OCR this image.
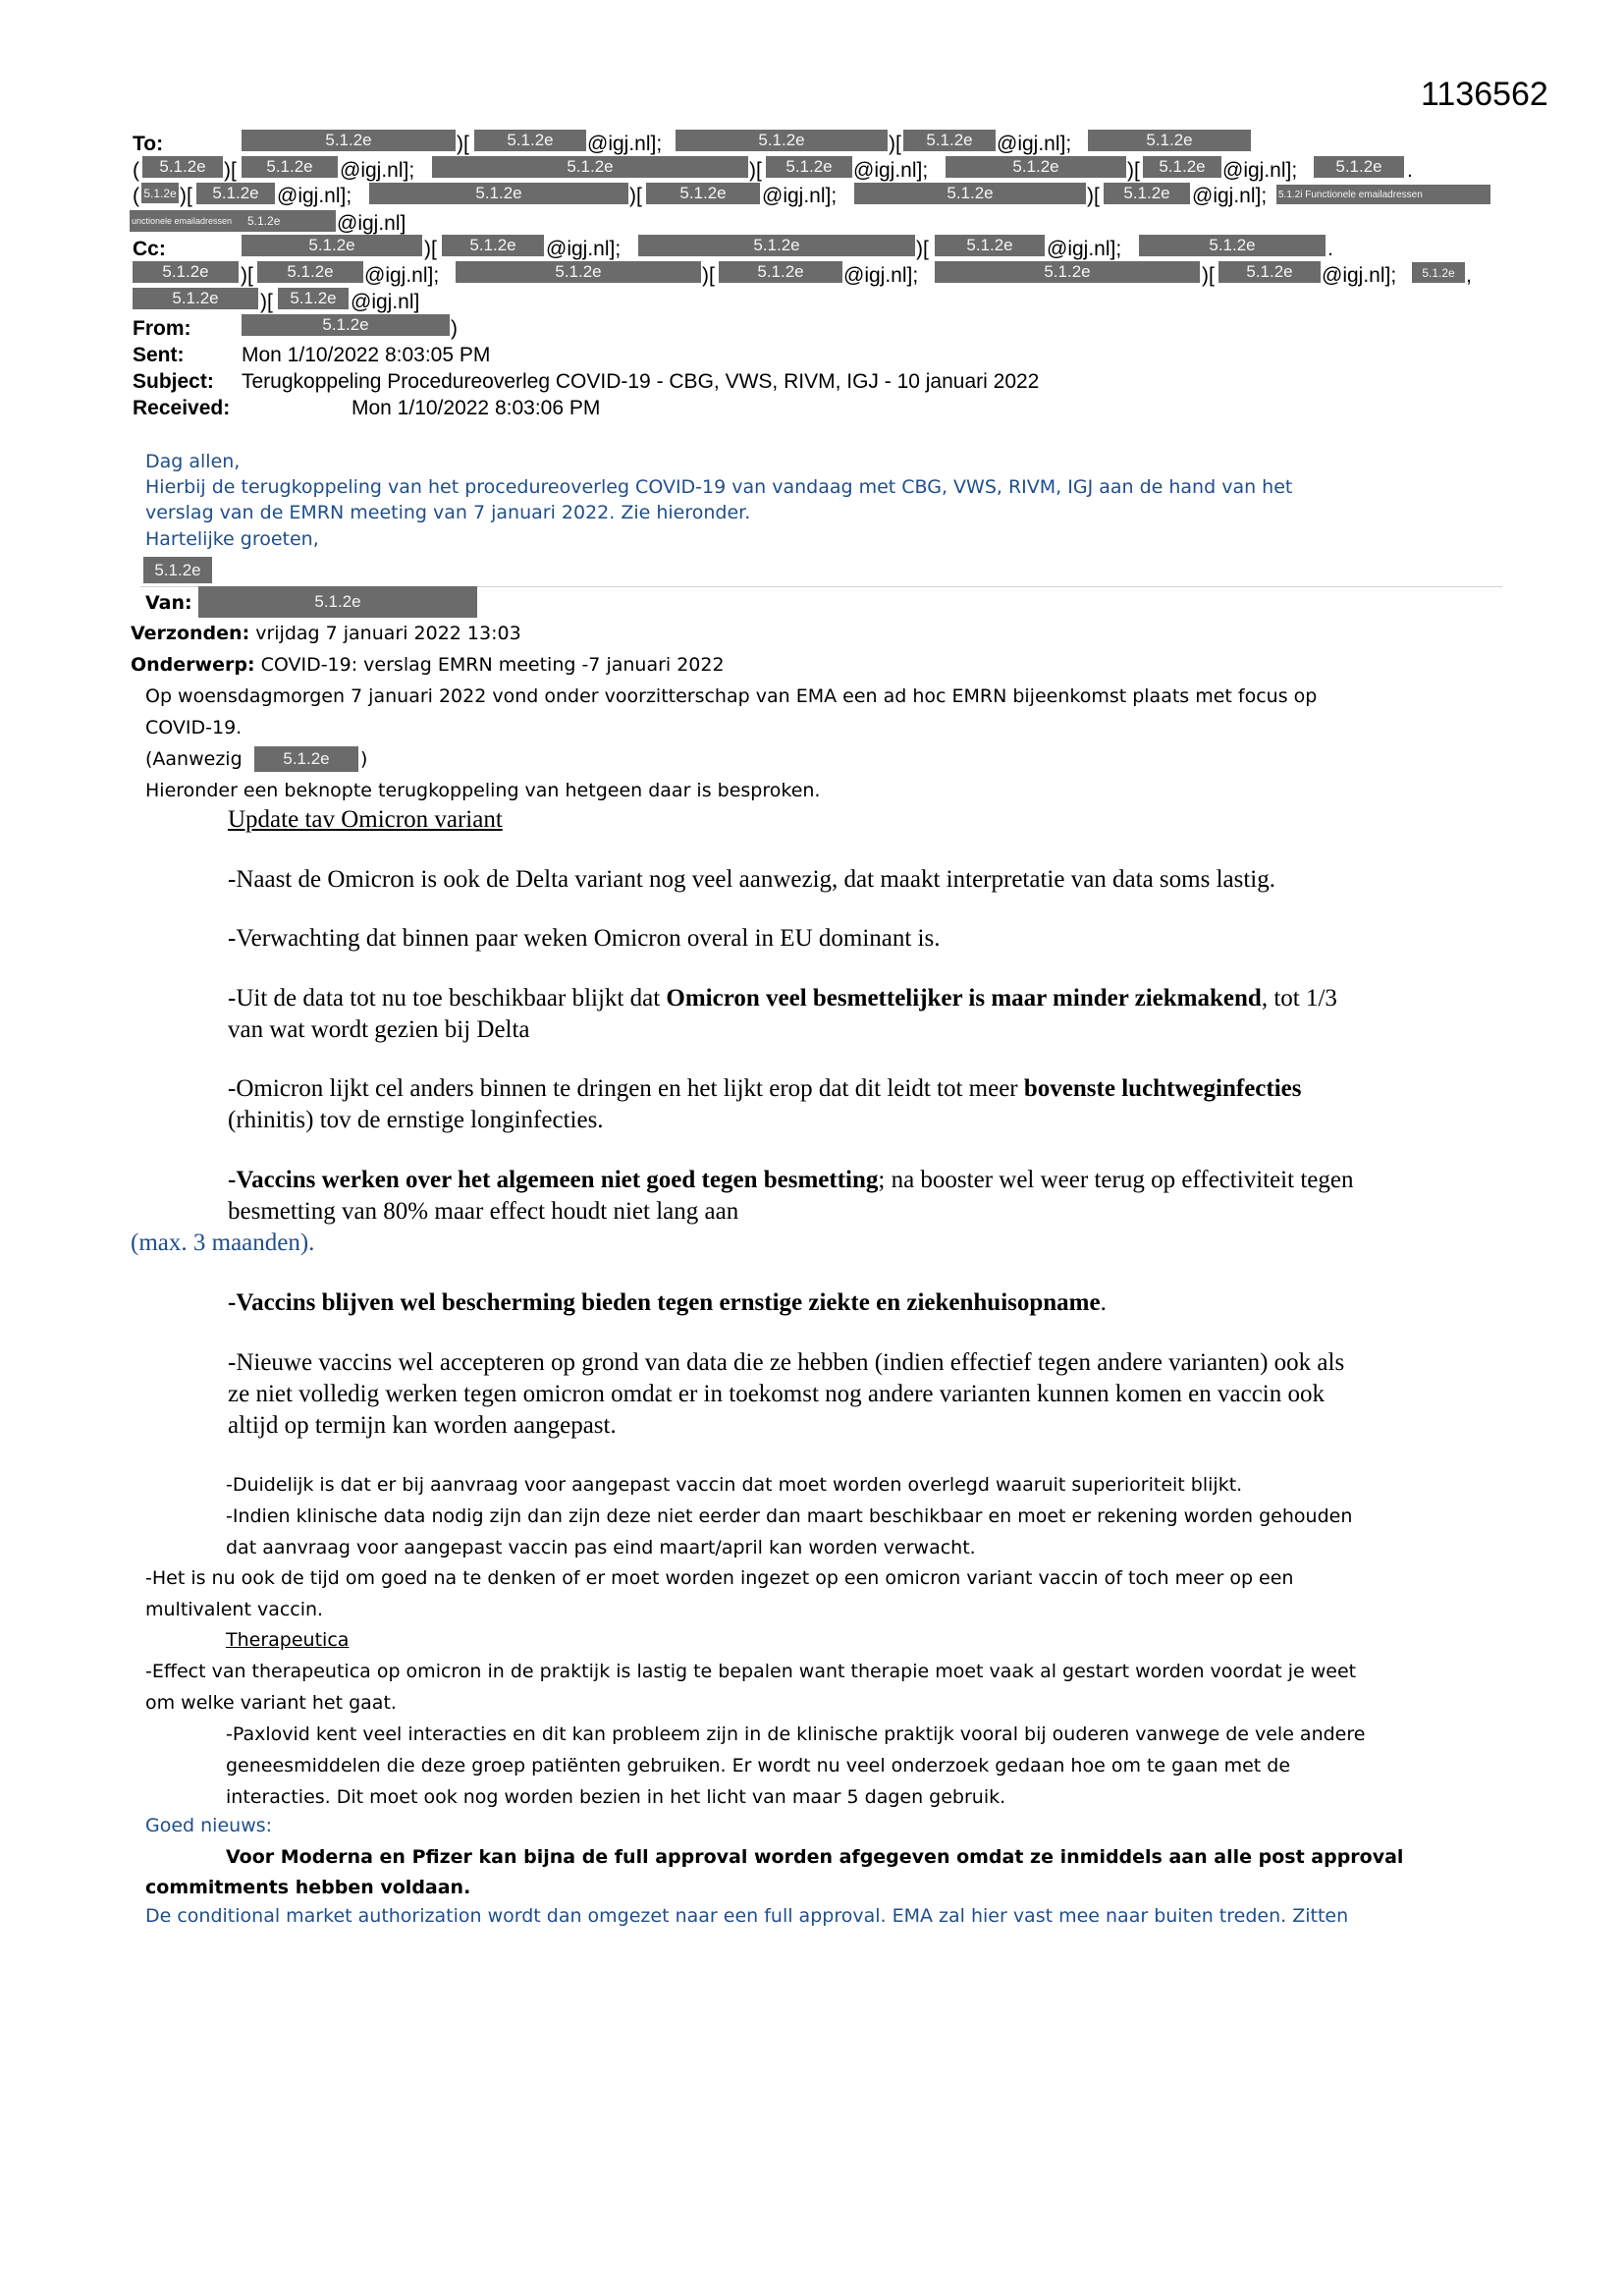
1136562
To:	5.1.2e	)[	5.1.2e	@igj.nl];	5.1.2e	)[	5.1.2e	@igj.nl];	5.1.2e
(	5.1.2e )[	5.1.2e	@igj.nl];	5.1.2e	)[	5.1.2e	@igj.nl];	5.1.2e	)[	5.1.2e @igj.nl];	5.1.2e	.
( 5.1.2e )[	5.1.2e @igj.nl];	5.1.2e	)[	5.1.2e	@igj.nl];	5.1.2e	)[	5.1.2e	@igj.nl]; 5.1.2i Functionele emailadressen
unctionele emailadressen	5.1.2e	@igj.nl]
Cc:	5.1.2e	)[	5.1.2e	@igj.nl];	5.1.2e	)[	5.1.2e	@igj.nl];	5.1.2e	.
5.1.2e	)[	5.1.2e	@igj.nl];	5.1.2e	)[	5.1.2e	@igj.nl];	5.1.2e	)[	5.1.2e	@igj.nl];	5.1.2e ,
5.1.2e	)[	5.1.2e @igj.nl]
From:	5.1.2e	)
Sent:	Mon 1/10/2022 8:03:05 PM
Subject: Terugkoppeling Procedureoverleg COVID-19 - CBG, VWS, RIVM, IGJ - 10 januari 2022
Received:	Mon 1/10/2022 8:03:06 PM
Dag allen,
Hierbij de terugkoppeling van het procedureoverleg COVID-19 van vandaag met CBG, VWS, RIVM, IGJ aan de hand van het
verslag van de EMRN meeting van 7 januari 2022. Zie hieronder.
Hartelijke groeten,
5.1.2e
Van:	5.1.2e
Verzonden: vrijdag 7 januari 2022 13:03
Onderwerp: COVID-19: verslag EMRN meeting -7 januari 2022
Op woensdagmorgen 7 januari 2022 vond onder voorzitterschap van EMA een ad hoc EMRN bijeenkomst plaats met focus op
COVID-19.
(Aanwezig	5.1.2e	)
Hieronder een beknopte terugkoppeling van hetgeen daar is besproken.
Update tav Omicron variant
-Naast de Omicron is ook de Delta variant nog veel aanwezig, dat maakt interpretatie van data soms lastig.
-Verwachting dat binnen paar weken Omicron overal in EU dominant is.
-Uit de data tot nu toe beschikbaar blijkt dat Omicron veel besmettelijker is maar minder ziekmakend, tot 1/3
van wat wordt gezien bij Delta
-Omicron lijkt cel anders binnen te dringen en het lijkt erop dat dit leidt tot meer bovenste luchtweginfecties
(rhinitis) tov de ernstige longinfecties.
-Vaccins werken over het algemeen niet goed tegen besmetting; na booster wel weer terug op effectiviteit tegen
besmetting van 80% maar effect houdt niet lang aan
(max. 3 maanden).
-Vaccins blijven wel bescherming bieden tegen ernstige ziekte en ziekenhuisopname.
-Nieuwe vaccins wel accepteren op grond van data die ze hebben (indien effectief tegen andere varianten) ook als
ze niet volledig werken tegen omicron omdat er in toekomst nog andere varianten kunnen komen en vaccin ook
altijd op termijn kan worden aangepast.
-Duidelijk is dat er bij aanvraag voor aangepast vaccin dat moet worden overlegd waaruit superioriteit blijkt.
-Indien klinische data nodig zijn dan zijn deze niet eerder dan maart beschikbaar en moet er rekening worden gehouden
dat aanvraag voor aangepast vaccin pas eind maart/april kan worden verwacht.
-Het is nu ook de tijd om goed na te denken of er moet worden ingezet op een omicron variant vaccin of toch meer op een
multivalent vaccin.
Therapeutica
-Effect van therapeutica op omicron in de praktijk is lastig te bepalen want therapie moet vaak al gestart worden voordat je weet
om welke variant het gaat.
-Paxlovid kent veel interacties en dit kan probleem zijn in de klinische praktijk vooral bij ouderen vanwege de vele andere
geneesmiddelen die deze groep patiënten gebruiken. Er wordt nu veel onderzoek gedaan hoe om te gaan met de
interacties. Dit moet ook nog worden bezien in het licht van maar 5 dagen gebruik.
Goed nieuws:
Voor Moderna en Pfizer kan bijna de full approval worden afgegeven omdat ze inmiddels aan alle post approval
commitments hebben voldaan.
De conditional market authorization wordt dan omgezet naar een full approval. EMA zal hier vast mee naar buiten treden. Zitten
